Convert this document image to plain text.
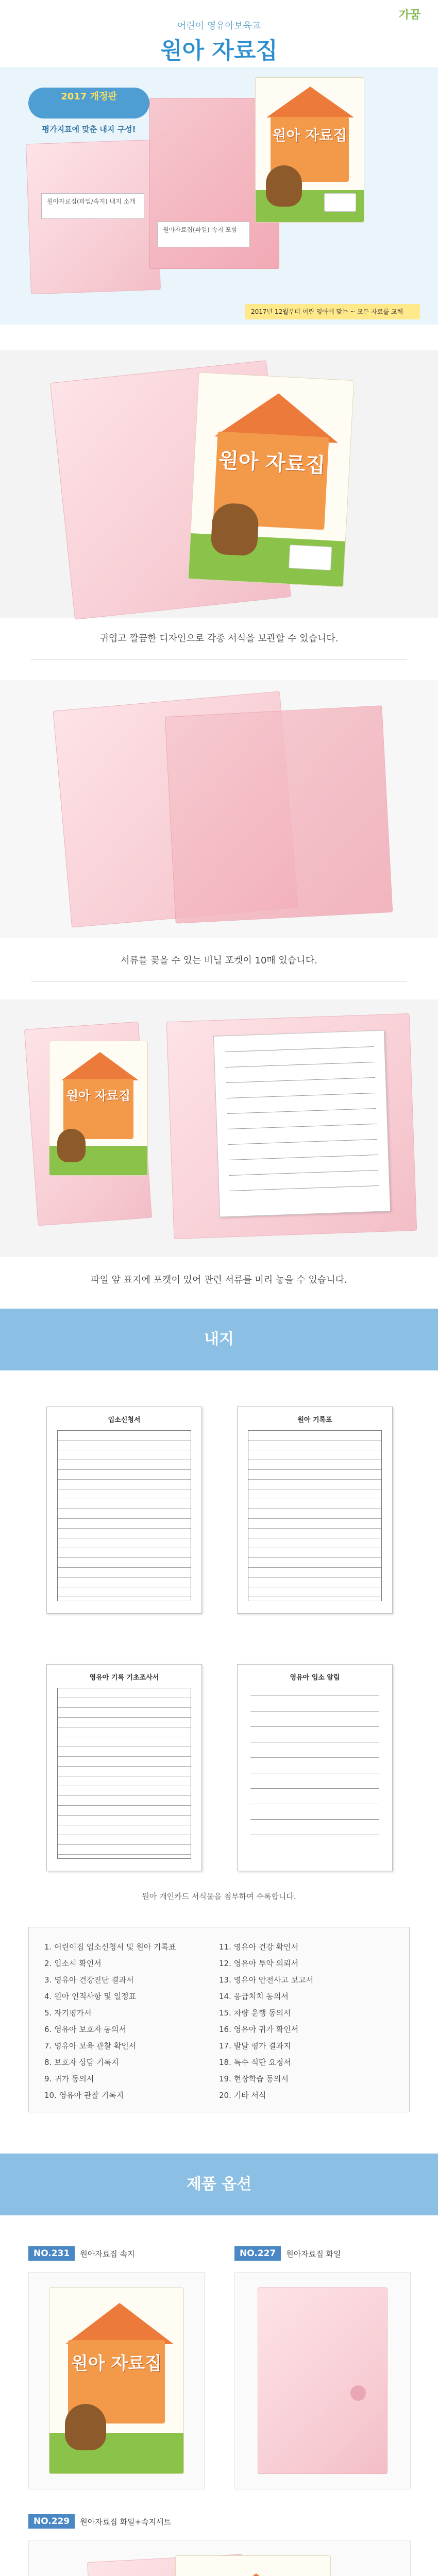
가꿈
어린이 영유아보육교
원아 자료집
2017 개정판
평가지표에 맞춘 내지 구성!
원아자료집(파일/속지) 내지 소개
원아자료집(파일) 속지 포함
원아 자료집
2017년 12월부터 어린 영아에 맞는 ~ 모든 자료를 교체
원아 자료집
귀엽고 깔끔한 디자인으로 각종 서식을 보관할 수 있습니다.
서류를 꽂을 수 있는 비닐 포켓이 10매 있습니다.
원아 자료집
파일 앞 표지에 포켓이 있어 관련 서류를 미리 놓을 수 있습니다.
내지
입소신청서	원아 기록표
영유아 기록 기초조사서	영유아 입소 알림
원아 개인카드 서식물을 첨부하여 수록합니다.
1. 어린이집 입소신청서 및 원아 기록표
2. 입소시 확인서
3. 영유아 건강진단 결과서
4. 원아 인적사항 및 일정표
5. 자기평가서
6. 영유아 보호자 동의서
7. 영유아 보육 관찰 확인서
8. 보호자 상담 기록지
9. 귀가 동의서
10. 영유아 관찰 기록지
11. 영유아 건강 확인서
12. 영유아 투약 의뢰서
13. 영유아 안전사고 보고서
14. 응급처치 동의서
15. 차량 운행 동의서
16. 영유아 귀가 확인서
17. 발달 평가 결과지
18. 특수 식단 요청서
19. 현장학습 동의서
20. 기타 서식
제품 옵션
NO.231	원아자료집 속지
원아 자료집
NO.227	원아자료집 화일
NO.229	원아자료집 화일+속지세트
